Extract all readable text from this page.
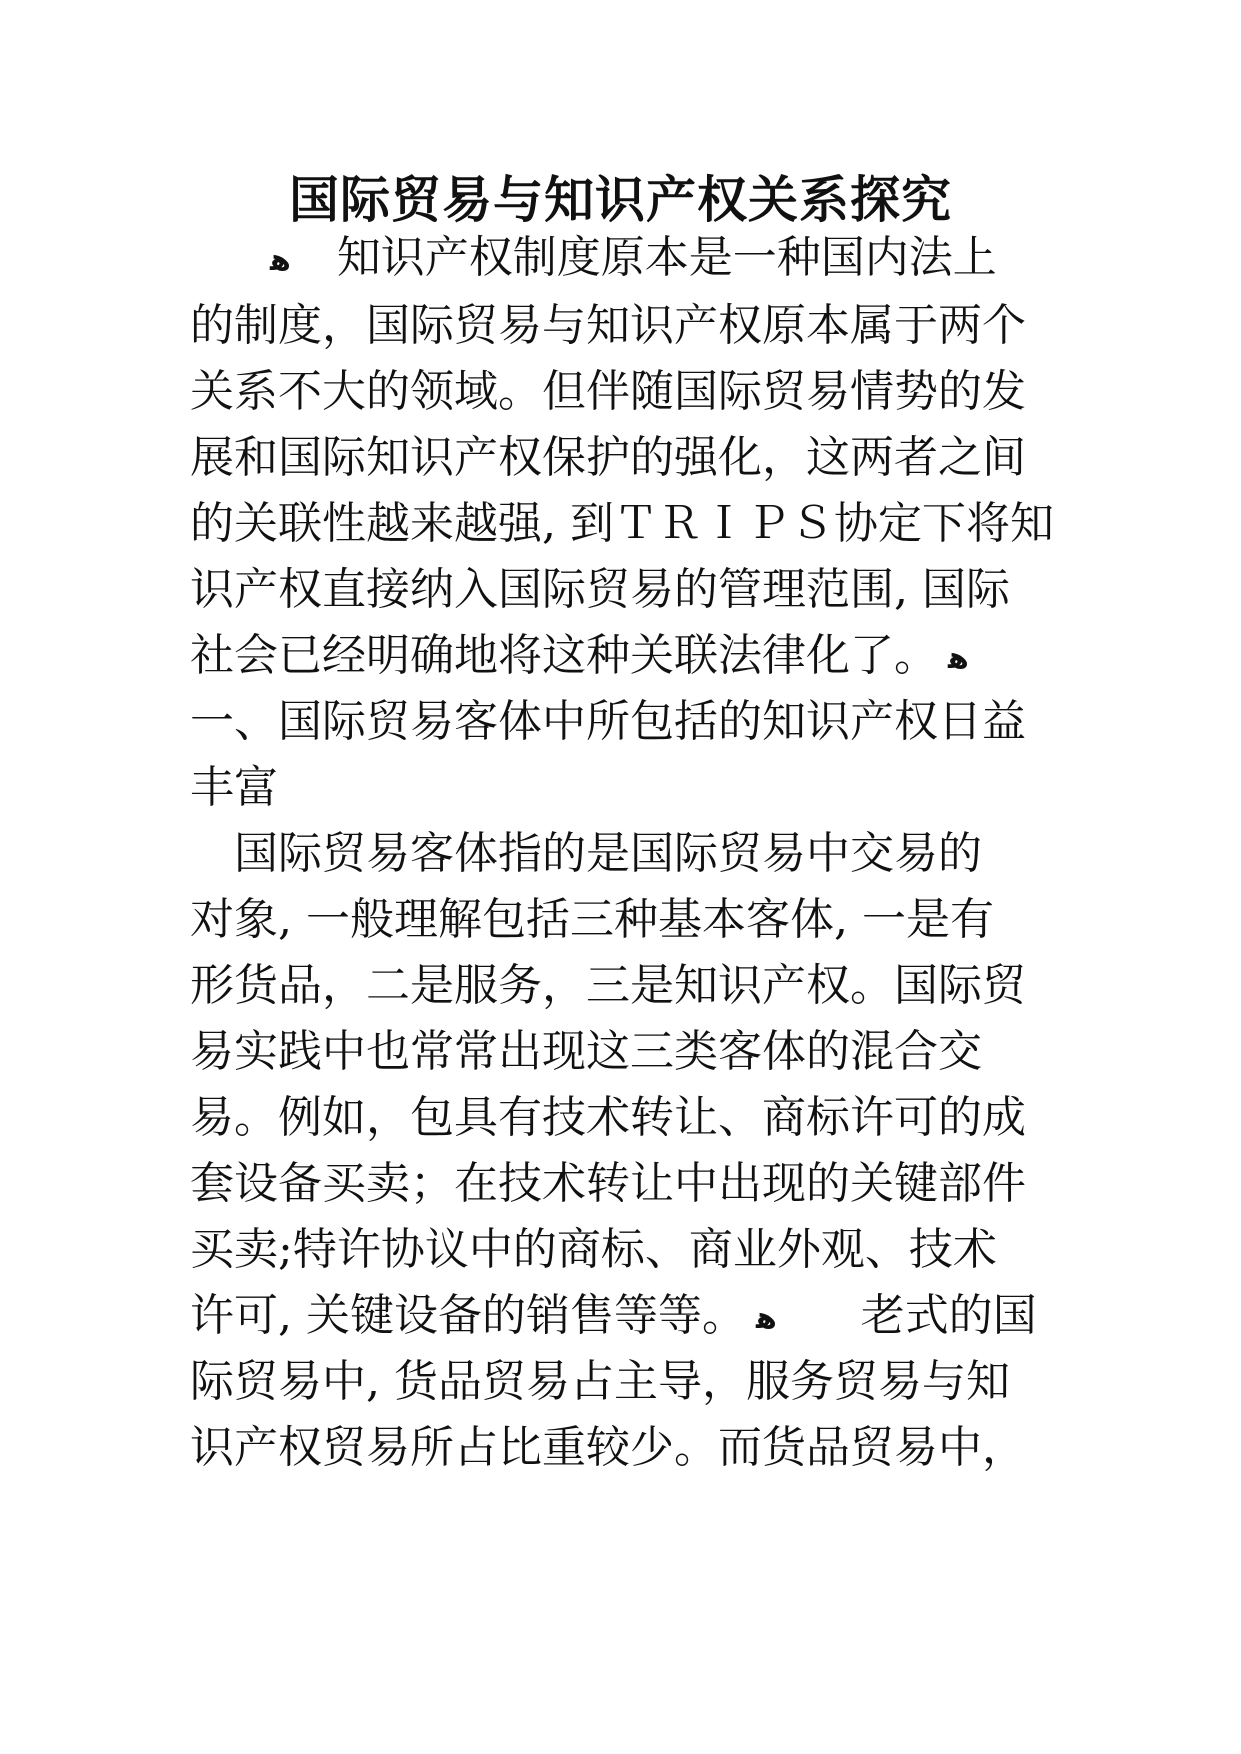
国际贸易与知识产权关系探究
ﻫ 知识产权制度原本是一种国内法上
的制度，国际贸易与知识产权原本属于两个
关系不大的领域。但伴随国际贸易情势的发
展和国际知识产权保护的强化，这两者之间
的关联性越来越强, 到ＴＲＩＰＳ协定下将知
识产权直接纳入国际贸易的管理范围, 国际
社会已经明确地将这种关联法律化了。 ﻫ
一、国际贸易客体中所包括的知识产权日益
丰富
国际贸易客体指的是国际贸易中交易的
对象, 一般理解包括三种基本客体, 一是有
形货品，二是服务，三是知识产权。国际贸
易实践中也常常出现这三类客体的混合交
易。例如，包具有技术转让、商标许可的成
套设备买卖；在技术转让中出现的关键部件
买卖;特许协议中的商标、商业外观、技术
许可, 关键设备的销售等等。 ﻫ 老式的国
际贸易中, 货品贸易占主导，服务贸易与知
识产权贸易所占比重较少。而货品贸易中，
